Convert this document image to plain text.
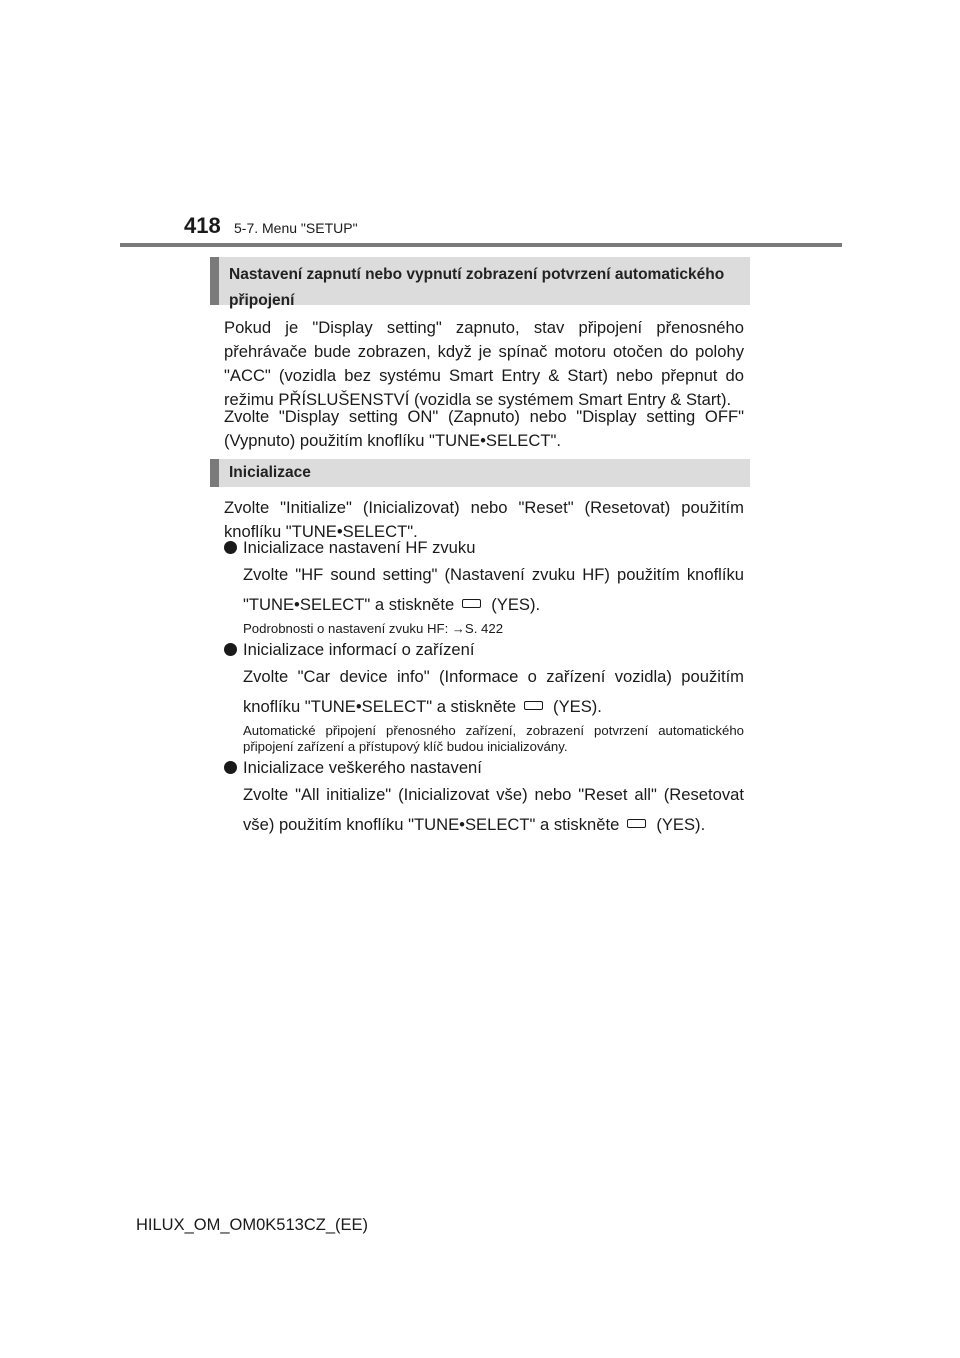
418 5-7. Menu "SETUP"
Nastavení zapnutí nebo vypnutí zobrazení potvrzení automatického připojení

Pokud je "Display setting" zapnuto, stav připojení přenosného přehrávače bude zobrazen, když je spínač motoru otočen do polohy "ACC" (vozidla bez systému Smart Entry & Start) nebo přepnut do režimu PŘÍSLUŠENSTVÍ (vozidla se systémem Smart Entry & Start).

Zvolte "Display setting ON" (Zapnuto) nebo "Display setting OFF" (Vypnuto) použitím knoflíku "TUNE•SELECT".

Inicializace

Zvolte "Initialize" (Inicializovat) nebo "Reset" (Resetovat) použitím knoflíku "TUNE•SELECT".

Inicializace nastavení HF zvuku

Zvolte "HF sound setting" (Nastavení zvuku HF) použitím knoflíku "TUNE•SELECT" a stiskněte (YES).

Podrobnosti o nastavení zvuku HF: →S. 422

Inicializace informací o zařízení

Zvolte "Car device info" (Informace o zařízení vozidla) použitím knoflíku "TUNE•SELECT" a stiskněte (YES).

Automatické připojení přenosného zařízení, zobrazení potvrzení automatického připojení zařízení a přístupový klíč budou inicializovány.

Inicializace veškerého nastavení

Zvolte "All initialize" (Inicializovat vše) nebo "Reset all" (Resetovat vše) použitím knoflíku "TUNE•SELECT" a stiskněte (YES).

HILUX_OM_OM0K513CZ_(EE)
